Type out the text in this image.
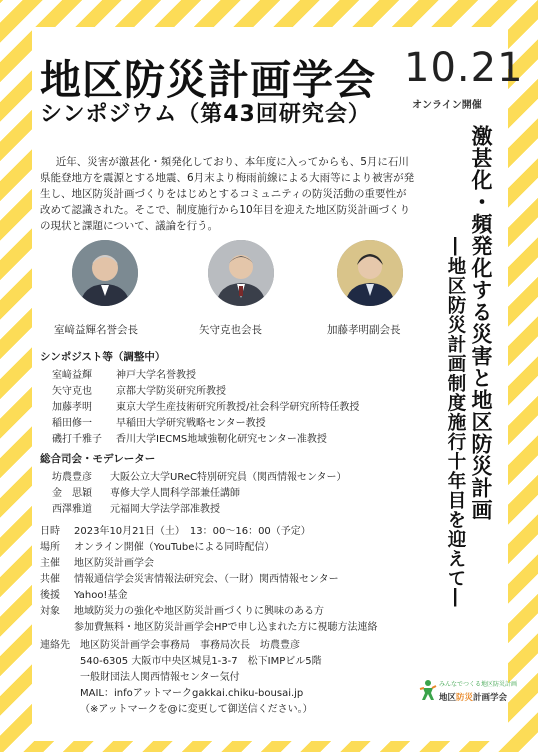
地区防災計画学会 10.21
オンライン開催
シンポジウム（第43回研究会）
近年、災害が激甚化・頻発化しており、本年度に入ってからも、5月に石川県能登地方を震源とする地震、6月末より梅雨前線による大雨等により被害が発生し、地区防災計画づくりをはじめとするコミュニティの防災活動の重要性が改めて認識された。そこで、制度施行から10年目を迎えた地区防災計画づくりの現状と課題について、議論を行う。	激甚化・頻発化する災害と地区防災計画
―地区防災計画制度施行十年目を迎えて―
室﨑益輝名誉会長	矢守克也会長	加藤孝明副会長
シンポジスト等（調整中）
室﨑益輝	神戸大学名誉教授
矢守克也	京都大学防災研究所教授
加藤孝明	東京大学生産技術研究所教授/社会科学研究所特任教授
稲田修一	早稲田大学研究戦略センター教授
磯打千雅子	香川大学IECMS地域強靭化研究センター准教授
総合司会・モデレーター
坊農豊彦	大阪公立大学UReC特別研究員（関西情報センター）
金　思穎	専修大学人間科学部兼任講師
西澤雅道	元福岡大学法学部准教授
日時	2023年10月21日（土）　13：00～16：00（予定）
場所	オンライン開催（YouTubeによる同時配信）
主催	地区防災計画学会
共催	情報通信学会災害情報法研究会、（一財）関西情報センター
後援	Yahoo!基金
対象	地域防災力の強化や地区防災計画づくりに興味のある方
	参加費無料・地区防災計画学会HPで申し込まれた方に視聴方法連絡
連絡先	地区防災計画学会事務局　事務局次長　坊農豊彦
	540-6305 大阪市中央区城見1-3-7　松下IMPビル5階
	一般財団法人関西情報センター気付
	MAIL：infoアットマークgakkai.chiku-bousai.jp
	（※アットマークを@に変更して御送信ください。）
みんなでつくる地区防災計画
地区防災計画学会
